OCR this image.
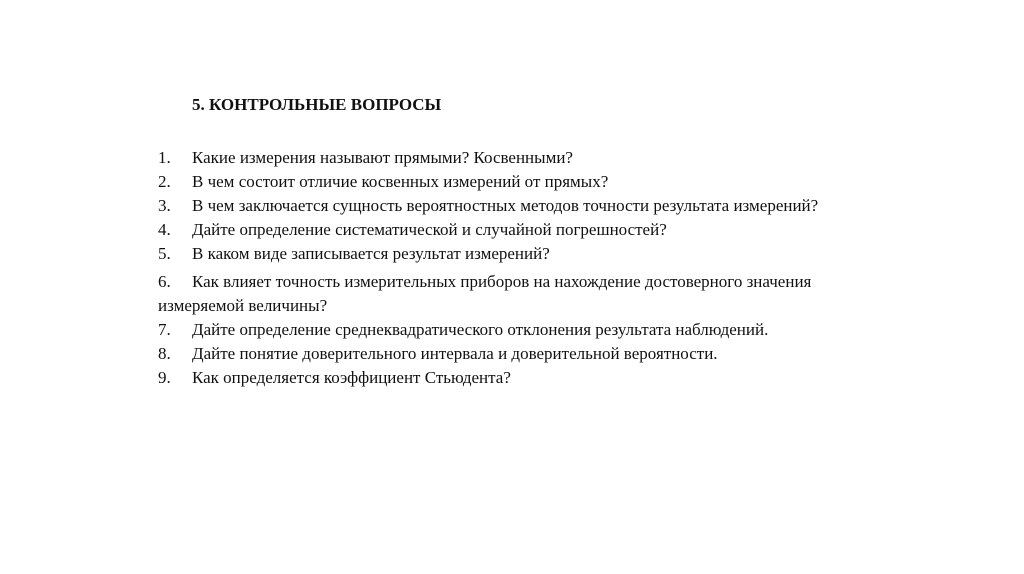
5. КОНТРОЛЬНЫЕ ВОПРОСЫ
1. Какие измерения называют прямыми? Косвенными?
2. В чем состоит отличие косвенных измерений от прямых?
3. В чем заключается сущность вероятностных методов точности результата измерений?
4. Дайте определение систематической и случайной погрешностей?
5. В каком виде записывается результат измерений?
6. Как влияет точность измерительных приборов на нахождение достоверного значения
измеряемой величины?
7. Дайте определение среднеквадратического отклонения результата наблюдений.
8. Дайте понятие доверительного интервала и доверительной вероятности.
9. Как определяется коэффициент Стьюдента?
